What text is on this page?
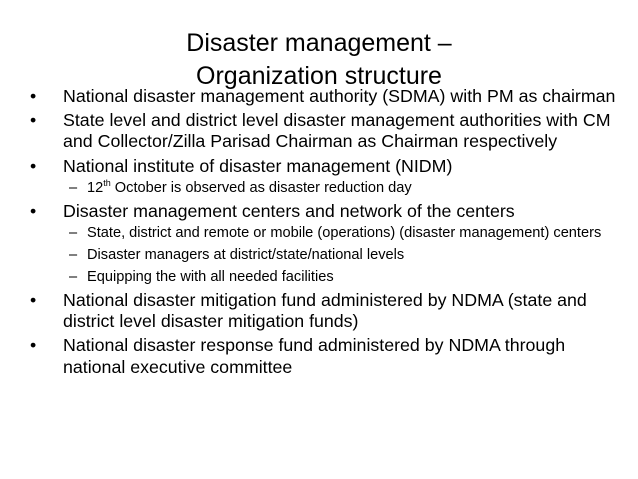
Disaster management –
Organization structure
•	National disaster management authority (SDMA) with PM as chairman
•	State level and district level disaster management authorities with CM and Collector/Zilla Parisad Chairman as Chairman respectively
•	National institute of disaster management (NIDM)
– 12th October is observed as disaster reduction day
•	Disaster management centers and network of the centers
– State, district and remote or mobile (operations) (disaster management) centers
– Disaster managers at district/state/national levels
– Equipping the with all needed facilities
•	National disaster mitigation fund administered by NDMA (state and district level disaster mitigation funds)
•	National disaster response fund administered by NDMA through national executive committee
